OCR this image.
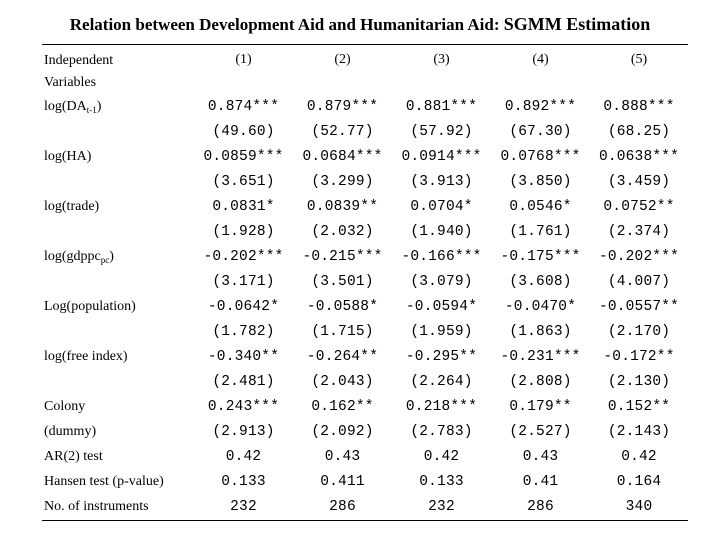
Relation between Development Aid and Humanitarian Aid: SGMM Estimation
Independent
Variables	(1)	(2)	(3)	(4)	(5)
$\log(DA_{t-1})$	0.874***	0.879***	0.881***	0.892***	0.888***
	(49.60)	(52.77)	(57.92)	(67.30)	(68.25)
log(HA)	0.0859***	0.0684***	0.0914***	0.0768***	0.0638***
	(3.651)	(3.299)	(3.913)	(3.850)	(3.459)
log(trade)	0.0831*	0.0839**	0.0704*	0.0546*	0.0752**
	(1.928)	(2.032)	(1.940)	(1.761)	(2.374)
log(gdppc$_{pc}$)	-0.202***	-0.215***	-0.166***	-0.175***	-0.202***
	(3.171)	(3.501)	(3.079)	(3.608)	(4.007)
Log(population)	-0.0642*	-0.0588*	-0.0594*	-0.0470*	-0.0557**
	(1.782)	(1.715)	(1.959)	(1.863)	(2.170)
log(free index)	-0.340**	-0.264**	-0.295**	-0.231***	-0.172**
	(2.481)	(2.043)	(2.264)	(2.808)	(2.130)
Colony	0.243***	0.162**	0.218***	0.179**	0.152**
(dummy)	(2.913)	(2.092)	(2.783)	(2.527)	(2.143)
AR(2) test	0.42	0.43	0.42	0.43	0.42
Hansen test (p-value)	0.133	0.411	0.133	0.41	0.164
No. of instruments	232	286	232	286	340
